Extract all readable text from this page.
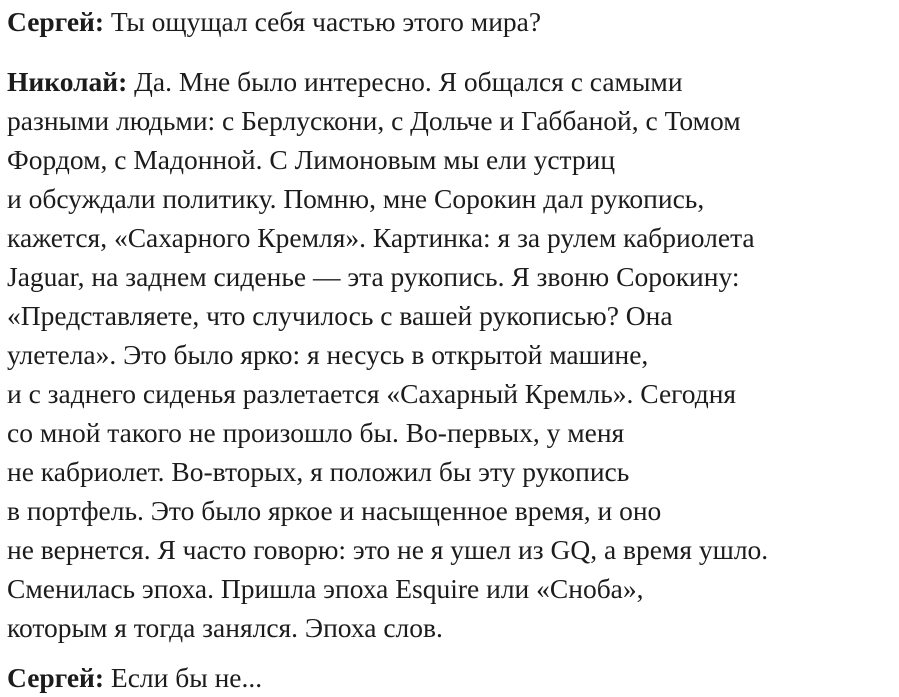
Сергей: Ты ощущал себя частью этого мира?

Николай: Да. Мне было интересно. Я общался с самыми
разными людьми: с Берлускони, с Дольче и Габбаной, с Томом
Фордом, с Мадонной. С Лимоновым мы ели устриц
и обсуждали политику. Помню, мне Сорокин дал рукопись,
кажется, «Сахарного Кремля». Картинка: я за рулем кабриолета
Jaguar, на заднем сиденье — эта рукопись. Я звоню Сорокину:
«Представляете, что случилось с вашей рукописью? Она
улетела». Это было ярко: я несусь в открытой машине,
и с заднего сиденья разлетается «Сахарный Кремль». Сегодня
со мной такого не произошло бы. Во-первых, у меня
не кабриолет. Во-вторых, я положил бы эту рукопись
в портфель. Это было яркое и насыщенное время, и оно
не вернется. Я часто говорю: это не я ушел из GQ, а время ушло.
Сменилась эпоха. Пришла эпоха Esquire или «Сноба»,
которым я тогда занялся. Эпоха слов.

Сергей: Если бы не...
